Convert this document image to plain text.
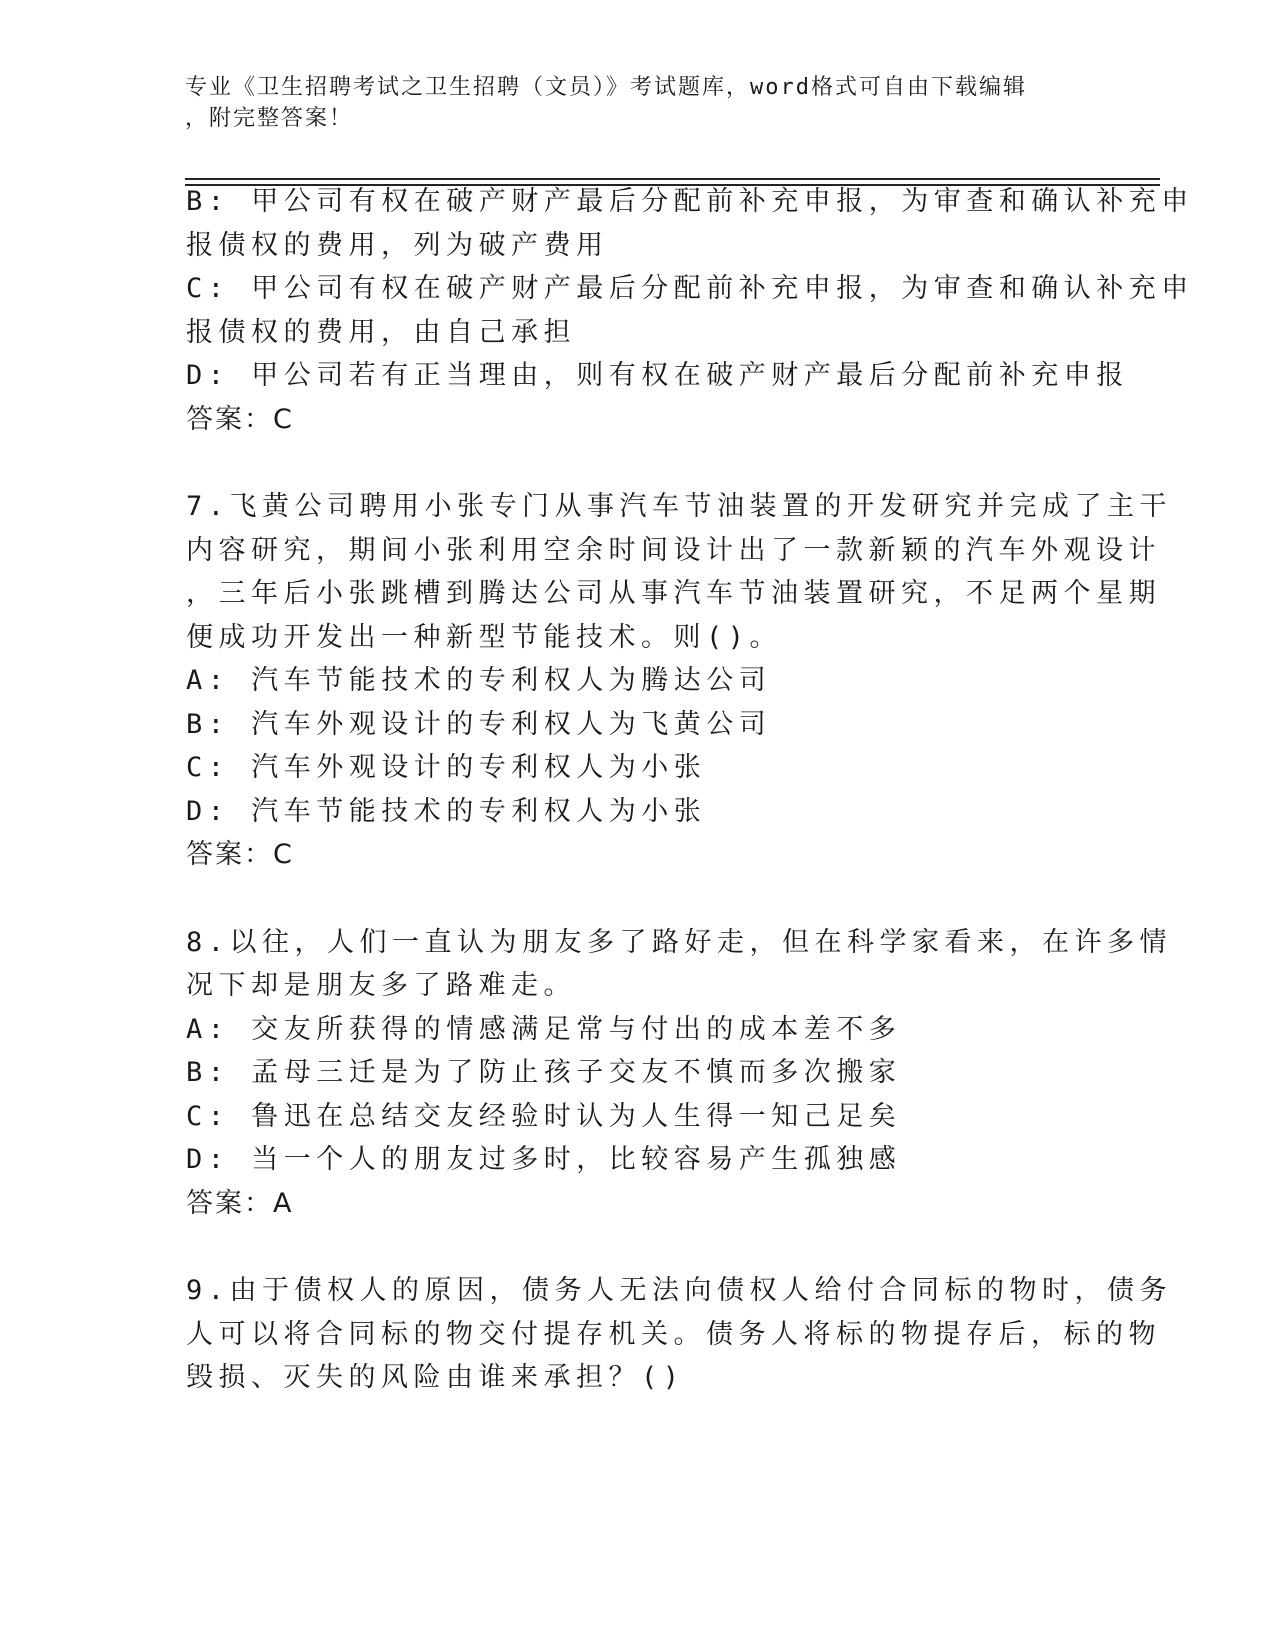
专业《卫生招聘考试之卫生招聘（文员）》考试题库，word格式可自由下载编辑
，附完整答案！
B: 甲公司有权在破产财产最后分配前补充申报，为审查和确认补充申
报债权的费用，列为破产费用
C: 甲公司有权在破产财产最后分配前补充申报，为审查和确认补充申
报债权的费用，由自己承担
D: 甲公司若有正当理由，则有权在破产财产最后分配前补充申报
答案：C
7.飞黄公司聘用小张专门从事汽车节油装置的开发研究并完成了主干
内容研究，期间小张利用空余时间设计出了一款新颖的汽车外观设计
，三年后小张跳槽到腾达公司从事汽车节油装置研究，不足两个星期
便成功开发出一种新型节能技术。则()。
A: 汽车节能技术的专利权人为腾达公司
B: 汽车外观设计的专利权人为飞黄公司
C: 汽车外观设计的专利权人为小张
D: 汽车节能技术的专利权人为小张
答案：C
8.以往，人们一直认为朋友多了路好走，但在科学家看来，在许多情
况下却是朋友多了路难走。
A: 交友所获得的情感满足常与付出的成本差不多
B: 孟母三迁是为了防止孩子交友不慎而多次搬家
C: 鲁迅在总结交友经验时认为人生得一知己足矣
D: 当一个人的朋友过多时，比较容易产生孤独感
答案：A
9.由于债权人的原因，债务人无法向债权人给付合同标的物时，债务
人可以将合同标的物交付提存机关。债务人将标的物提存后，标的物
毁损、灭失的风险由谁来承担？()
